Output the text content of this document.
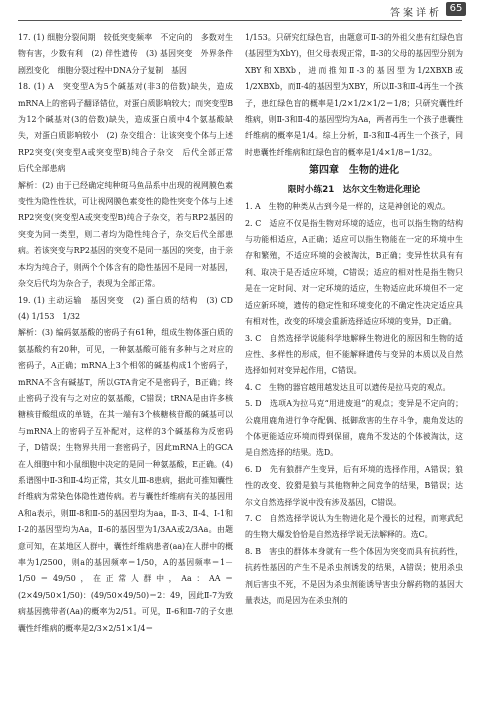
答案详析 65

17. (1) 细胞分裂间期　较低突变频率　不定向的　多数对生物有害，少数有利　(2) 伴性遗传　(3) 基因突变　外界条件剧烈变化　细胞分裂过程中DNA分子复制　基因

18. (1) A　突变型A为5个碱基对(非3的倍数)缺失，造成mRNA上的密码子翻译错位，对蛋白质影响较大；而突变型B为12个碱基对(3的倍数)缺失，造成蛋白质中4个氨基酸缺失，对蛋白质影响较小　(2) 杂交组合：让该突变个体与上述RP2突变(突变型A或突变型B)纯合子杂交　后代全部正常　后代全部患病

解析：(2) 由于已经确定纯种斑马鱼品系中出现的视网膜色素变性为隐性性状，可让视网膜色素变性的隐性突变个体与上述RP2突变(突变型A或突变型B)纯合子杂交，若与RP2基因的突变为同一类型，则二者均为隐性纯合子，杂交后代全部患病。若该突变与RP2基因的突变不是同一基因的突变，由于亲本均为纯合子，则两个个体含有的隐性基因不是同一对基因，杂交后代均为杂合子，表现为全部正常。

19. (1) 主动运输　基因突变　(2) 蛋白质的结构　(3) CD　(4) 1/153　1/32

解析：(3) 编码氨基酸的密码子有61种，组成生物体蛋白质的氨基酸约有20种，可见，一种氨基酸可能有多种与之对应的密码子，A正确；mRNA上3个相邻的碱基构成1个密码子，mRNA不含有碱基T，所以GTA肯定不是密码子，B正确；终止密码子没有与之对应的氨基酸，C错误；tRNA是由许多核糖核苷酸组成的单链，在其一端有3个核糖核苷酸的碱基可以与mRNA上的密码子互补配对，这样的3个碱基称为反密码子，D错误；生物界共用一套密码子，因此mRNA上的GCA在人细胞中和小鼠细胞中决定的是同一种氨基酸，E正确。(4) 系谱图中Ⅱ-3和Ⅱ-4均正常，其女儿Ⅲ-8患病，据此可推知囊性纤维病为常染色体隐性遗传病。若与囊性纤维病有关的基因用A和a表示，则Ⅲ-8和Ⅱ-5的基因型均为aa，Ⅱ-3、Ⅱ-4、Ⅰ-1和Ⅰ-2的基因型均为Aa，Ⅱ-6的基因型为1/3AA或2/3Aa。由题意可知，在某地区人群中，囊性纤维病患者(aa)在人群中的概率为1/2500，则a的基因频率＝1/50，A的基因频率＝1－1/50＝49/50，在正常人群中，Aa：AA＝(2×49/50×1/50)：(49/50×49/50)＝2：49，因此Ⅱ-7为致病基因携带者(Aa)的概率为2/51。可见，Ⅱ-6和Ⅱ-7的子女患囊性纤维病的概率是2/3×2/51×1/4＝

1/153。只研究红绿色盲，由题意可Ⅱ-3的外祖父患有红绿色盲(基因型为XbY)，但父母表现正常，Ⅱ-3的父母的基因型分别为XBY和XBXb，进而推知Ⅱ-3的基因型为1/2XBXB或1/2XBXb，而Ⅱ-4的基因型为XBY，所以Ⅱ-3和Ⅱ-4再生一个孩子，患红绿色盲的概率是1/2×1/2×1/2＝1/8；只研究囊性纤维病，则Ⅱ-3和Ⅱ-4的基因型均为Aa，两者再生一个孩子患囊性纤维病的概率是1/4。综上分析，Ⅱ-3和Ⅱ-4再生一个孩子，同时患囊性纤维病和红绿色盲的概率是1/4×1/8＝1/32。

第四章　生物的进化

限时小练21　达尔文生物进化理论

1. A　生物的种类从古到今是一样的，这是神创论的观点。

2. C　适应不仅是指生物对环境的适应，也可以指生物的结构与功能相适应，A正确；适应可以指生物能在一定的环境中生存和繁殖，不适应环境的会被淘汰，B正确；变异性状具有有利、取决于是否适应环境，C错误；适应的相对性是指生物只是在一定时间、对一定环境的适应，生物适应此环境但不一定适应新环境，遗传的稳定性和环境变化的不确定性决定适应具有相对性，改变的环境会重新选择适应环境的变异，D正确。

3. C　自然选择学说能科学地解释生物进化的原因和生物的适应性、多样性的形成，但不能解释遗传与变异的本质以及自然选择如何对变异起作用，C错误。

4. C　生物的器官越用越发达且可以遗传是拉马克的观点。

5. D　选项A为拉马克“用进废退”的观点；变异是不定向的；公鹿用鹿角进行争夺配偶、抵御敌害的生存斗争，鹿角发达的个体更能适应环境而得到保留，鹿角不发达的个体被淘汰，这是自然选择的结果。选D。

6. D　先有狼群产生变异，后有环境的选择作用，A错误；狼性的改变、狡猾是狼与其他物种之间竞争的结果，B错误；达尔文自然选择学说中没有涉及基因，C错误。

7. C　自然选择学说认为生物进化是个漫长的过程，而寒武纪的生物大爆发恰恰是自然选择学说无法解释的。选C。

8. B　害虫的群体本身就有一些个体因为突变而具有抗药性，抗药性基因的产生不是杀虫剂诱发的结果，A错误；使用杀虫剂后害虫不死，不是因为杀虫剂能诱导害虫分解药物的基因大量表达，而是因为在杀虫剂的
